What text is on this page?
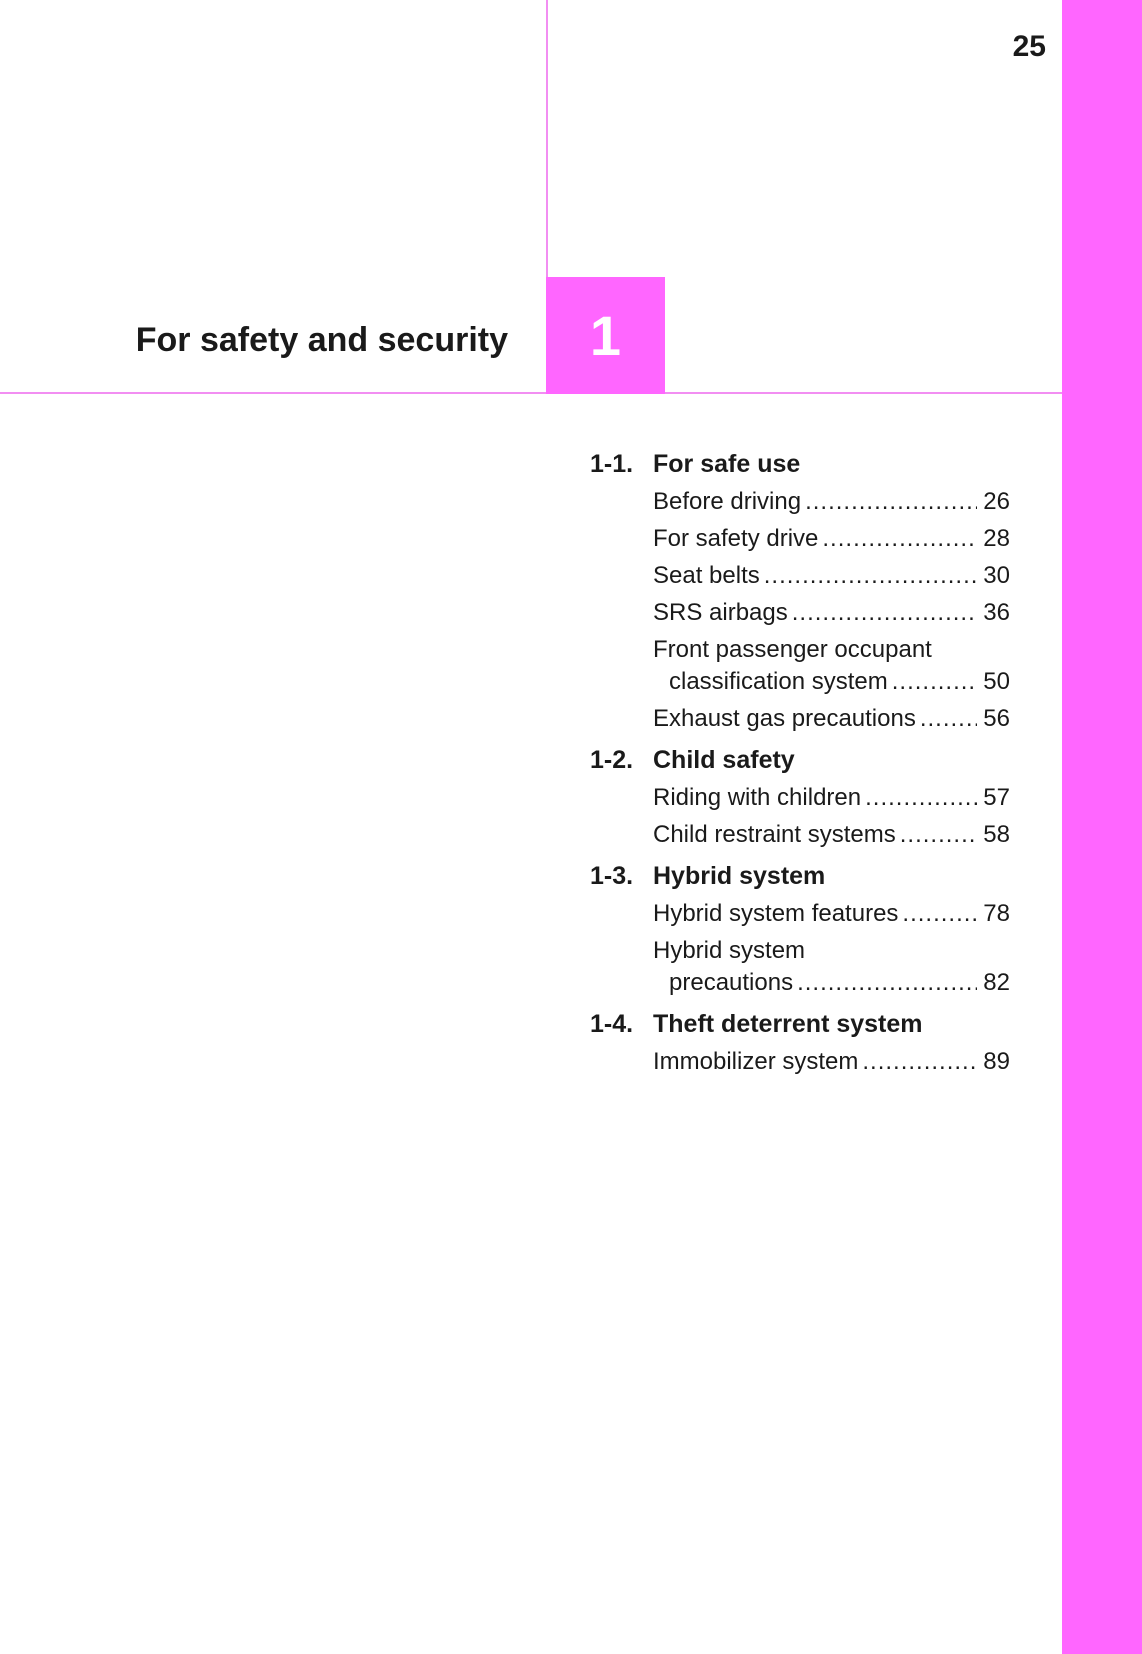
25
For safety and security	1
1-1. For safe use
Before driving .....	26
For safety drive .....	28
Seat belts .....	30
SRS airbags .....	36
Front passenger occupant
classification system .....	50
Exhaust gas precautions .....	56
1-2. Child safety
Riding with children .....	57
Child restraint systems .....	58
1-3. Hybrid system
Hybrid system features .....	78
Hybrid system
precautions .....	82
1-4. Theft deterrent system
Immobilizer system .....	89
